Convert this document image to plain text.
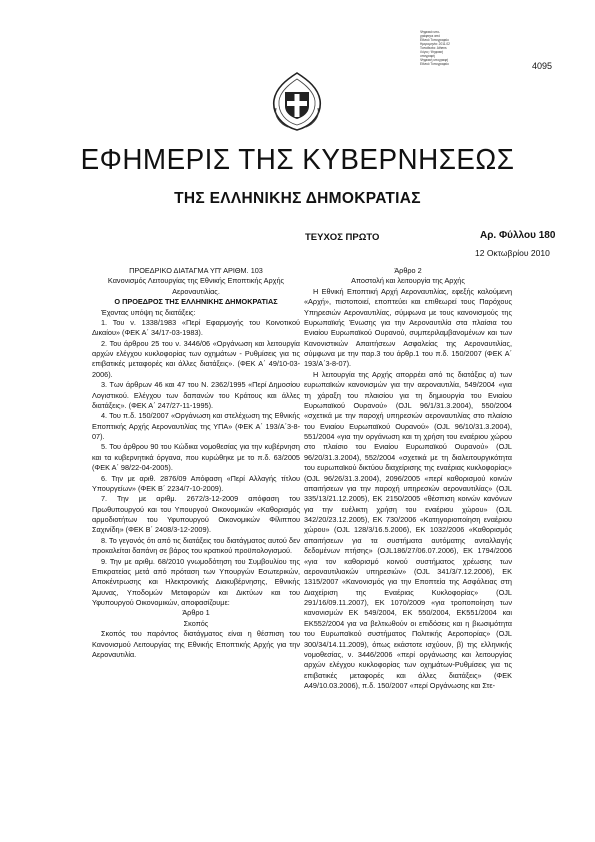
Ψηφιακά υπο-
γράφτηκε από
Εθνικό Τυπογραφείο
Ημερομηνία: 2011.02
Τοποθεσία: Athens
Λόγος: Ψηφιακή
υπογραφή
Ψηφιακή υπογραφή
Εθνικό Τυπογραφείο	4095
ΕΦΗΜΕΡΙΣ ΤΗΣ ΚΥΒΕΡΝΗΣΕΩΣ
ΤΗΣ ΕΛΛΗΝΙΚΗΣ ΔΗΜΟΚΡΑΤΙΑΣ
ΤΕΥΧΟΣ ΠΡΩΤΟ	Αρ. Φύλλου 180
12 Οκτωβρίου 2010

ΠΡΟΕΔΡΙΚΟ ΔΙΑΤΑΓΜΑ ΥΠ' ΑΡΙΘΜ. 103

Κανονισμός Λειτουργίας της Εθνικής Εποπτικής Αρχής Αεροναυτιλίας.

Ο ΠΡΟΕΔΡΟΣ ΤΗΣ ΕΛΛΗΝΙΚΗΣ ΔΗΜΟΚΡΑΤΙΑΣ

Έχοντας υπόψη τις διατάξεις:

1. Του ν. 1338/1983 «Περί Εφαρμογής του Κοινοτικού Δικαίου» (ΦΕΚ Α΄ 34/17-03-1983).

2. Του άρθρου 25 του ν. 3446/06 «Οργάνωση και λειτουργία αρχών ελέγχου κυκλοφορίας των οχημάτων - Ρυθμίσεις για τις επιβατικές μεταφορές και άλλες διατάξεις». (ΦΕΚ Α΄ 49/10-03-2006).

3. Των άρθρων 46 και 47 του Ν. 2362/1995 «Περί Δημοσίου Λογιστικού. Ελέγχου των δαπανών του Κράτους και άλλες διατάξεις». (ΦΕΚ Α΄ 247/27-11-1995).

4. Του π.δ. 150/2007 «Οργάνωση και στελέχωση της Εθνικής Εποπτικής Αρχής Αεροναυτιλίας της ΥΠΑ» (ΦΕΚ Α΄ 193/Α΄3-8-07).

5. Του άρθρου 90 του Κώδικα νομοθεσίας για την κυβέρνηση και τα κυβερνητικά όργανα, που κυρώθηκε με το π.δ. 63/2005 (ΦΕΚ Α΄ 98/22-04-2005).

6. Την με αριθ. 2876/09 Απόφαση «Περί Αλλαγής τίτλου Υπουργείων» (ΦΕΚ Β΄ 2234/7-10-2009).

7. Την με αριθμ. 2672/3-12-2009 απόφαση του Πρωθυπουργού και του Υπουργού Οικονομικών «Καθορισμός αρμοδιοτήτων του Υφυπουργού Οικονομικών Φίλιππου Σαχινίδη» (ΦΕΚ Β΄ 2408/3-12-2009).

8. Το γεγονός ότι από τις διατάξεις του διατάγματος αυτού δεν προκαλείται δαπάνη σε βάρος του κρατικού προϋπολογισμού.

9. Την με αριθμ. 68/2010 γνωμοδότηση του Συμβουλίου της Επικρατείας μετά από πρόταση των Υπουργών Εσωτερικών, Αποκέντρωσης και Ηλεκτρονικής Διακυβέρνησης, Εθνικής Άμυνας, Υποδομών Μεταφορών και Δικτύων και του Υφυπουργού Οικονομικών, αποφασίζουμε:

Άρθρο 1

Σκοπός

Σκοπός του παρόντος διατάγματος είναι η θέσπιση του Κανονισμού Λειτουργίας της Εθνικής Εποπτικής Αρχής για την Αεροναυτιλία.

Άρθρο 2

Αποστολή και λειτουργία της Αρχής

Η Εθνική Εποπτική Αρχή Αεροναυτιλίας, εφεξής καλούμενη «Αρχή», πιστοποιεί, εποπτεύει και επιθεωρεί τους Παρόχους Υπηρεσιών Αεροναυτιλίας, σύμφωνα με τους κανονισμούς της Ευρωπαϊκής Ένωσης για την Αεροναυτιλία στα πλαίσια του Ενιαίου Ευρωπαϊκού Ουρανού, συμπεριλαμβανομένων και των Κανονιστικών Απαιτήσεων Ασφαλείας της Αεροναυτιλίας, σύμφωνα με την παρ.3 του άρθρ.1 του π.δ. 150/2007 (ΦΕΚ Α΄ 193/Α΄3-8-07).

Η λειτουργία της Αρχής απορρέει από τις διατάξεις α) των ευρωπαϊκών κανονισμών για την αεροναυτιλία, 549/2004 «για τη χάραξη του πλαισίου για τη δημιουργία του Ενιαίου Ευρωπαϊκού Ουρανού» (ΟJL 96/1/31.3.2004), 550/2004 «σχετικά με την παροχή υπηρεσιών αεροναυτιλίας στο πλαίσιο του Ενιαίου Ευρωπαϊκού Ουρανού» (ΟJL 96/10/31.3.2004), 551/2004 «για την οργάνωση και τη χρήση του εναέριου χώρου στο πλαίσιο του Ενιαίου Ευρωπαϊκού Ουρανού» (ΟJL 96/20/31.3.2004), 552/2004 «σχετικά με τη διαλειτουργικότητα του ευρωπαϊκού δικτύου διαχείρισης της εναέριας κυκλοφορίας» (ΟJL 96/26/31.3.2004), 2096/2005 «περί καθορισμού κοινών απαιτήσεων για την παροχή υπηρεσιών αεροναυτιλίας» (ΟJL 335/13/21.12.2005), ΕΚ 2150/2005 «θέσπιση κοινών κανόνων για την ευέλικτη χρήση του εναέριου χώρου» (ΟJL 342/20/23.12.2005), ΕΚ 730/2006 «Κατηγοριοποίηση εναέριου χώρου» (ΟJL 128/3/16.5.2006), ΕΚ 1032/2006 «Καθορισμός απαιτήσεων για τα συστήματα αυτόματης ανταλλαγής δεδομένων πτήσης» (ΟJL186/27/06.07.2006), ΕΚ 1794/2006 «για τον καθορισμό κοινού συστήματος χρέωσης των αεροναυτιλιακών υπηρεσιών» (ΟJL 341/3/7.12.2006), ΕΚ 1315/2007 «Κανονισμός για την Εποπτεία της Ασφάλειας στη Διαχείριση της Εναέριας Κυκλοφορίας» (ΟJL 291/16/09.11.2007), ΕΚ 1070/2009 «για τροποποίηση των κανονισμών ΕΚ 549/2004, ΕΚ 550/2004, ΕΚ551/2004 και ΕΚ552/2004 για να βελτιωθούν οι επιδόσεις και η βιωσιμότητα του Ευρωπαϊκού συστήματος Πολιτικής Αεροπορίας» (ΟJL 300/34/14.11.2009), όπως εκάστοτε ισχύουν, β) της ελληνικής νομοθεσίας, ν. 3446/2006 «περί οργάνωσης και λειτουργίας αρχών ελέγχου κυκλοφορίας των οχημάτων-Ρυθμίσεις για τις επιβατικές μεταφορές και άλλες διατάξεις» (ΦΕΚ Α49/10.03.2006), π.δ. 150/2007 «περί Οργάνωσης και Στε-
